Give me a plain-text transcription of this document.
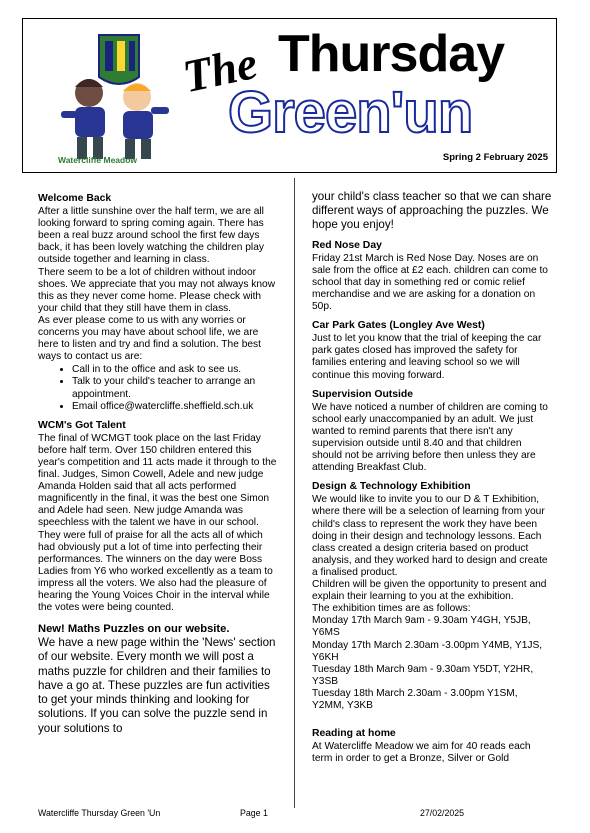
Watercliffe Meadow
The Thursday
Green'un
Spring 2 February 2025
Welcome Back

After a little sunshine over the half term, we are all looking forward to spring coming again. There has been a real buzz around school the first few days back, it has been lovely watching the children play outside together and learning in class.

There seem to be a lot of children without indoor shoes. We appreciate that you may not always know this as they never come home. Please check with your child that they still have them in class.

As ever please come to us with any worries or concerns you may have about school life, we are here to listen and try and find a solution. The best ways to contact us are:

• Call in to the office and ask to see us.
• Talk to your child's teacher to arrange an appointment.
• Email office@watercliffe.sheffield.sch.uk
WCM's Got Talent

The final of WCMGT took place on the last Friday before half term. Over 150 children entered this year's competition and 11 acts made it through to the final. Judges, Simon Cowell, Adele and new judge Amanda Holden said that all acts performed magnificently in the final, it was the best one Simon and Adele had seen. New judge Amanda was speechless with the talent we have in our school. They were full of praise for all the acts all of which had obviously put a lot of time into perfecting their performances. The winners on the day were Boss Ladies from Y6 who worked excellently as a team to impress all the voters. We also had the pleasure of hearing the Young Voices Choir in the interval while the votes were being counted.

New! Maths Puzzles on our website.

We have a new page within the 'News' section of our website. Every month we will post a maths puzzle for children and their families to have a go at. These puzzles are fun activities to get your minds thinking and looking for solutions. If you can solve the puzzle send in your solutions to

your child's class teacher so that we can share different ways of approaching the puzzles. We hope you enjoy!

Red Nose Day

Friday 21st March is Red Nose Day. Noses are on sale from the office at £2 each. children can come to school that day in something red or comic relief merchandise and we are asking for a donation on 50p.

Car Park Gates (Longley Ave West)

Just to let you know that the trial of keeping the car park gates closed has improved the safety for families entering and leaving school so we will continue this moving forward.

Supervision Outside

We have noticed a number of children are coming to school early unaccompanied by an adult. We just wanted to remind parents that there isn't any supervision outside until 8.40 and that children should not be arriving before then unless they are attending Breakfast Club.

Design & Technology Exhibition

We would like to invite you to our D & T Exhibition, where there will be a selection of learning from your child's class to represent the work they have been doing in their design and technology lessons. Each class created a design criteria based on product analysis, and they worked hard to design and create a finalised product.

Children will be given the opportunity to present and explain their learning to you at the exhibition.

The exhibition times are as follows:

Monday 17th March 9am - 9.30am Y4GH, Y5JB, Y6MS

Monday 17th March 2.30am -3.00pm Y4MB, Y1JS, Y6KH

Tuesday 18th March 9am - 9.30am Y5DT, Y2HR, Y3SB

Tuesday 18th March 2.30am - 3.00pm Y1SM, Y2MM, Y3KB

Reading at home

At Watercliffe Meadow we aim for 40 reads each term in order to get a Bronze, Silver or Gold

Watercliffe Thursday Green 'Un	Page 1	27/02/2025
